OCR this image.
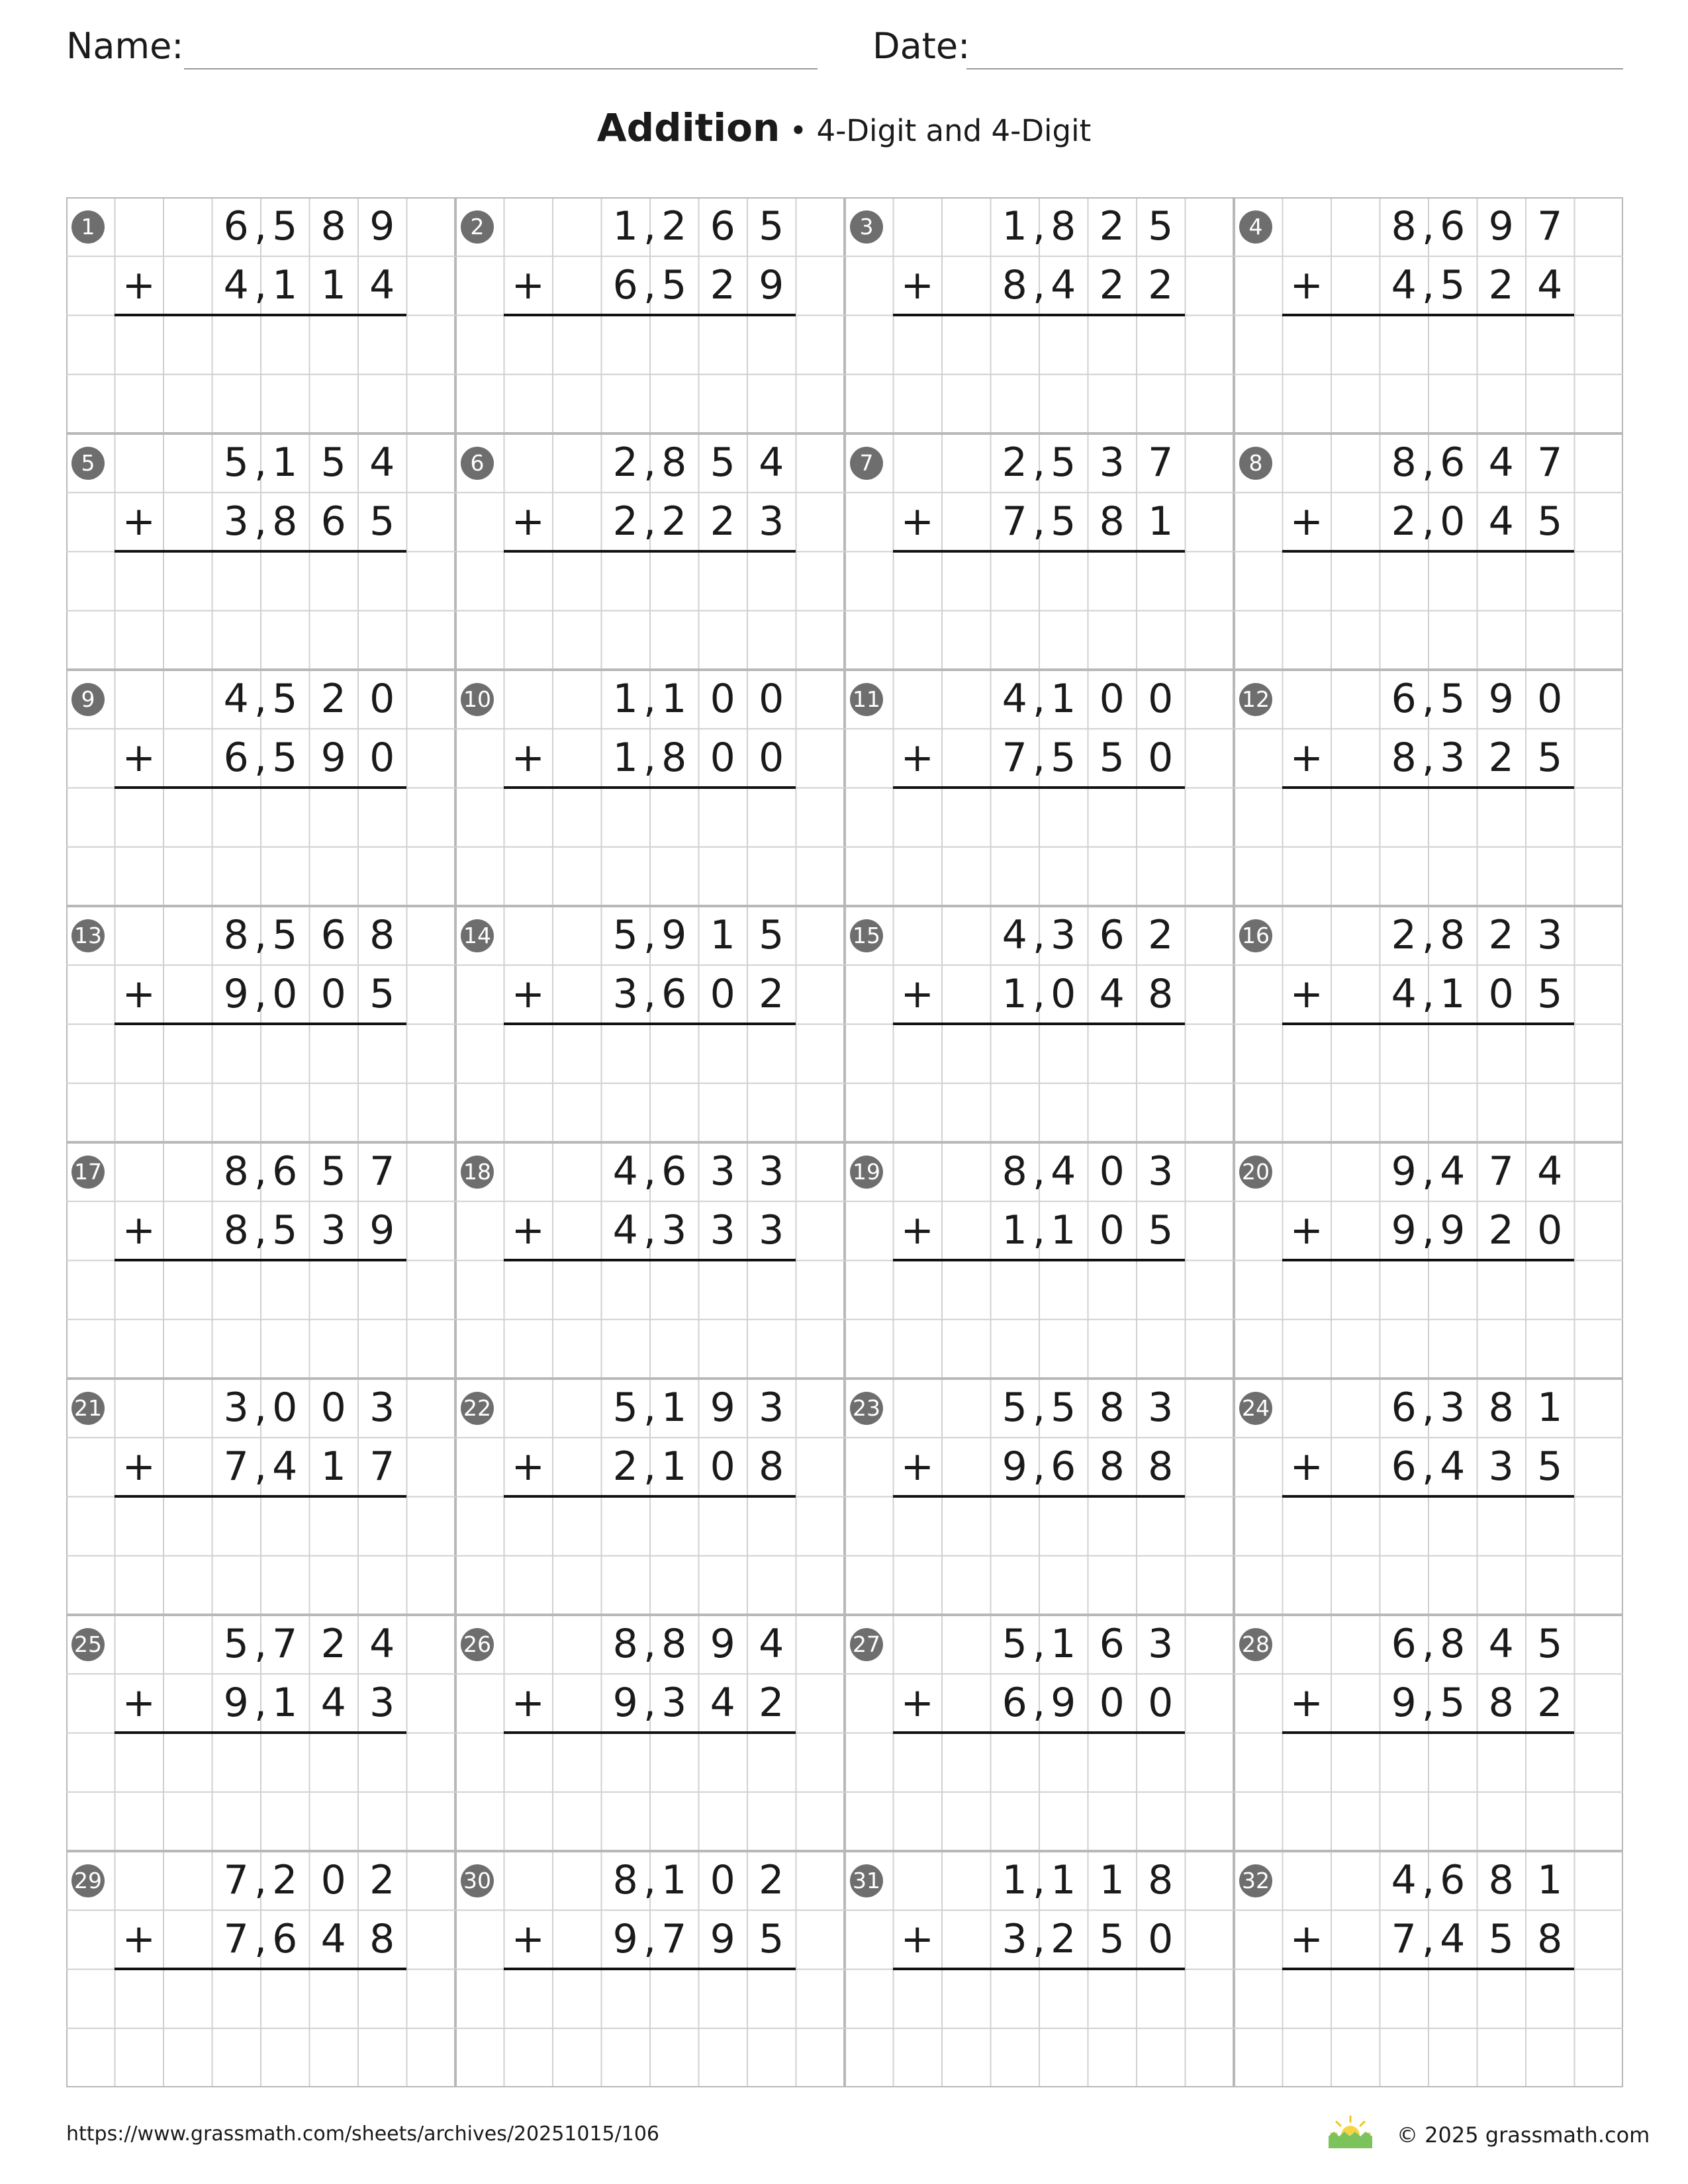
Name:	Date:
Addition • 4-Digit and 4-Digit
1	6 5 8 9
,
+ 4 1 1 4
,
2	1 2 6 5
,
+ 6 5 2 9
,
3	1 8 2 5
,
+ 8 4 2 2
,
4	8 6 9 7
,
+ 4 5 2 4
,
5	5 1 5 4
,
+ 3 8 6 5
,
6	2 8 5 4
,
+ 2 2 2 3
,
7	2 5 3 7
,
+ 7 5 8 1
,
8	8 6 4 7
,
+ 2 0 4 5
,
9	4 5 2 0
,
+ 6 5 9 0
,
10	1 1 0 0
,
+ 1 8 0 0
,
11	4 1 0 0
,
+ 7 5 5 0
,
12	6 5 9 0
,
+ 8 3 2 5
,
13	8 5 6 8
,
+ 9 0 0 5
,
14	5 9 1 5
,
+ 3 6 0 2
,
15	4 3 6 2
,
+ 1 0 4 8
,
16	2 8 2 3
,
+ 4 1 0 5
,
17	8 6 5 7
,
+ 8 5 3 9
,
18	4 6 3 3
,
+ 4 3 3 3
,
19	8 4 0 3
,
+ 1 1 0 5
,
20	9 4 7 4
,
+ 9 9 2 0
,
21	3 0 0 3
,
+ 7 4 1 7
,
22	5 1 9 3
,
+ 2 1 0 8
,
23	5 5 8 3
,
+ 9 6 8 8
,
24	6 3 8 1
,
+ 6 4 3 5
,
25	5 7 2 4
,
+ 9 1 4 3
,
26	8 8 9 4
,
+ 9 3 4 2
,
27	5 1 6 3
,
+ 6 9 0 0
,
28	6 8 4 5
,
+ 9 5 8 2
,
29	7 2 0 2
,
+ 7 6 4 8
,
30	8 1 0 2
,
+ 9 7 9 5
,
31	1 1 1 8
,
+ 3 2 5 0
,
32	4 6 8 1
,
+ 7 4 5 8
,
https://www.grassmath.com/sheets/archives/20251015/106	© 2025 grassmath.com
